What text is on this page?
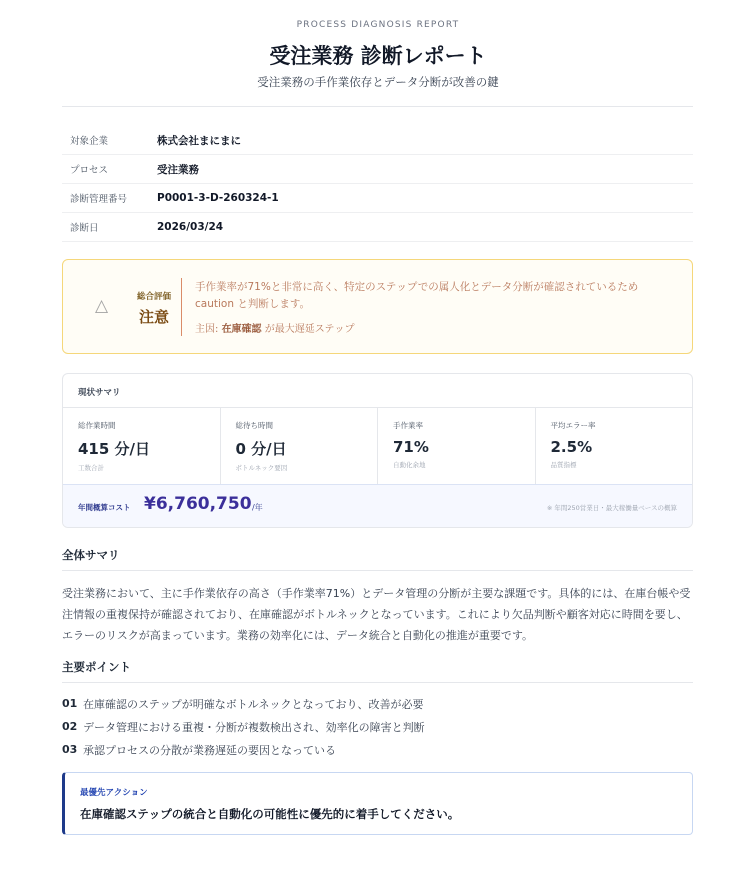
PROCESS DIAGNOSIS REPORT
受注業務 診断レポート
受注業務の手作業依存とデータ分断が改善の鍵
対象企業	株式会社まにまに
プロセス	受注業務
診断管理番号	P0001-3-D-260324-1
診断日	2026/03/24
△	総合評価
注意
手作業率が71%と非常に高く、特定のステップでの属人化とデータ分断が確認されているため caution と判断します。
主因: 在庫確認 が最大遅延ステップ
現状サマリ
総作業時間
415 分/日
工数合計
総待ち時間
0 分/日
ボトルネック要因
手作業率
71%
自動化余地
平均エラー率
2.5%
品質指標
年間概算コスト ¥6,760,750 /年	※ 年間250営業日・最大稼働量ベースの概算
全体サマリ
受注業務において、主に手作業依存の高さ（手作業率71%）とデータ管理の分断が主要な課題です。具体的には、在庫台帳や受注情報の重複保持が確認されており、在庫確認がボトルネックとなっています。これにより欠品判断や顧客対応に時間を要し、エラーのリスクが高まっています。業務の効率化には、データ統合と自動化の推進が重要です。
主要ポイント
01 在庫確認のステップが明確なボトルネックとなっており、改善が必要
02 データ管理における重複・分断が複数検出され、効率化の障害と判断
03 承認プロセスの分散が業務遅延の要因となっている
最優先アクション
在庫確認ステップの統合と自動化の可能性に優先的に着手してください。
